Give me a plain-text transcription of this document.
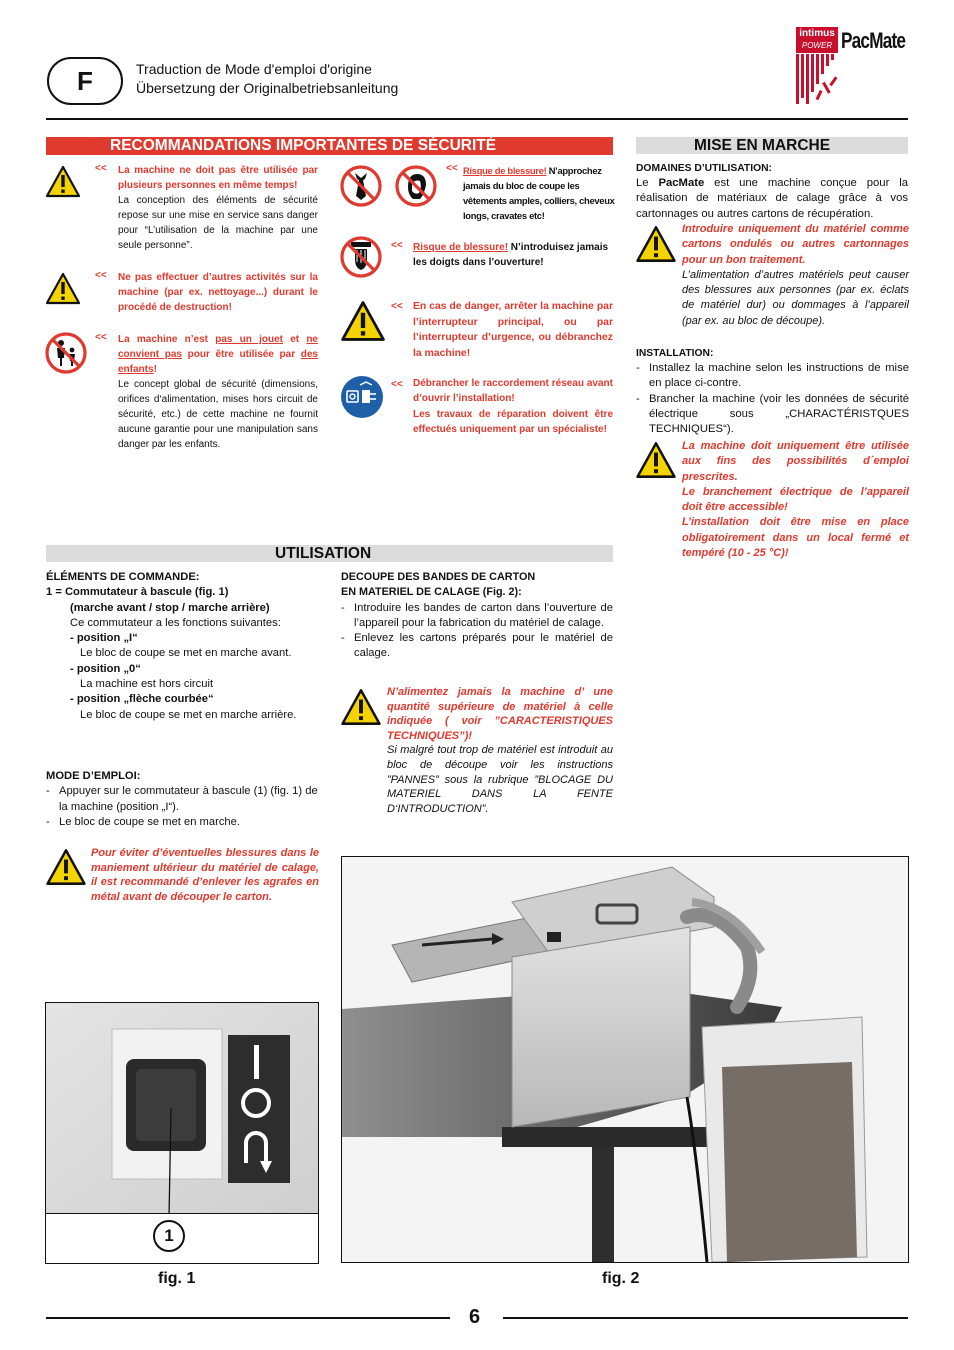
F	Traduction de Mode d'emploi d'origine
Übersetzung der Originalbetriebsanleitung
intimus
POWER PacMate
RECOMMANDATIONS IMPORTANTES DE SÉCURITÉ
<< La machine ne doit pas être utilisée par plusieurs personnes en même temps!
La conception des éléments de sécurité repose sur une mise en service sans danger pour “L’utilisation de la machine par une seule personne”.
<< Ne pas effectuer d’autres activités sur la machine (par ex. nettoyage...) durant le procédé de destruction!
<< La machine n’est pas un jouet et ne convient pas pour être utilisée par des enfants!
Le concept global de sécurité (dimensions, orifices d‘alimentation, mises hors circuit de sécurité, etc.) de cette machine ne fournit aucune garantie pour une manipulation sans danger par les enfants.
<< Risque de blessure! N’approchez jamais du bloc de coupe les vêtements amples, colliers, cheveux longs, cravates etc!
<< Risque de blessure! N’introduisez jamais les doigts dans l’ouverture!
<< En cas de danger, arrêter la machine par l’interrupteur principal, ou par l’interrupteur d’urgence, ou débranchez la machine!
<< Débrancher le raccordement réseau avant d’ouvrir l’installation!
Les travaux de réparation doivent être effectués uniquement par un spécialiste!
MISE EN MARCHE
DOMAINES D’UTILISATION:
Le PacMate est une machine conçue pour la réalisation de matériaux de calage grâce à vos cartonnages ou autres cartons de récupération.
Introduire uniquement du matériel comme cartons ondulés ou autres cartonnages pour un bon traitement.
L’alimentation d’autres matériels peut causer des blessures aux personnes (par ex. éclats de matériel dur) ou dommages à l’appareil (par ex. au bloc de découpe).
INSTALLATION:
- Installez la machine selon les instructions de mise en place ci-contre.
- Brancher la machine (voir les données de sécurité électrique sous „CHARACTÉRISTQUES TECHNIQUES“).
La machine doit uniquement être utilisée aux fins des possibilités d´emploi prescrites.
Le branchement électrique de l’appareil doit être accessible!
L’installation doit être mise en place obligatoirement dans un local fermé et tempéré (10 - 25 °C)!
UTILISATION
ÉLÉMENTS DE COMMANDE:
1 = Commutateur à bascule (fig. 1)
(marche avant / stop / marche arrière)
Ce commutateur a les fonctions suivantes:
- position „I“
Le bloc de coupe se met en marche avant.
- position „0“
La machine est hors circuit
- position „flèche courbée“
Le bloc de coupe se met en marche arrière.
MODE D’EMPLOI:
- Appuyer sur le commutateur à bascule (1) (fig. 1) de la machine (position „I“).
- Le bloc de coupe se met en marche.
Pour éviter d’éventuelles blessures dans le maniement ultérieur du matériel de calage, il est recommandé d’enlever les agrafes en métal avant de découper le carton.
DECOUPE DES BANDES DE CARTON
EN MATERIEL DE CALAGE (Fig. 2):
- Introduire les bandes de carton dans l’ouverture de l’appareil pour la fabrication du matériel de calage.
- Enlevez les cartons préparés pour le matériel de calage.
N’alimentez jamais la machine d’ une quantité supérieure de matériel à celle indiquée ( voir ”CARACTERISTIQUES TECHNIQUES”)!
Si malgré tout trop de matériel est introduit au bloc de découpe voir les instructions ”PANNES” sous la rubrique ”BLOCAGE DU MATERIEL DANS LA FENTE D‘INTRODUCTION”.
1
fig. 1	fig. 2
6
